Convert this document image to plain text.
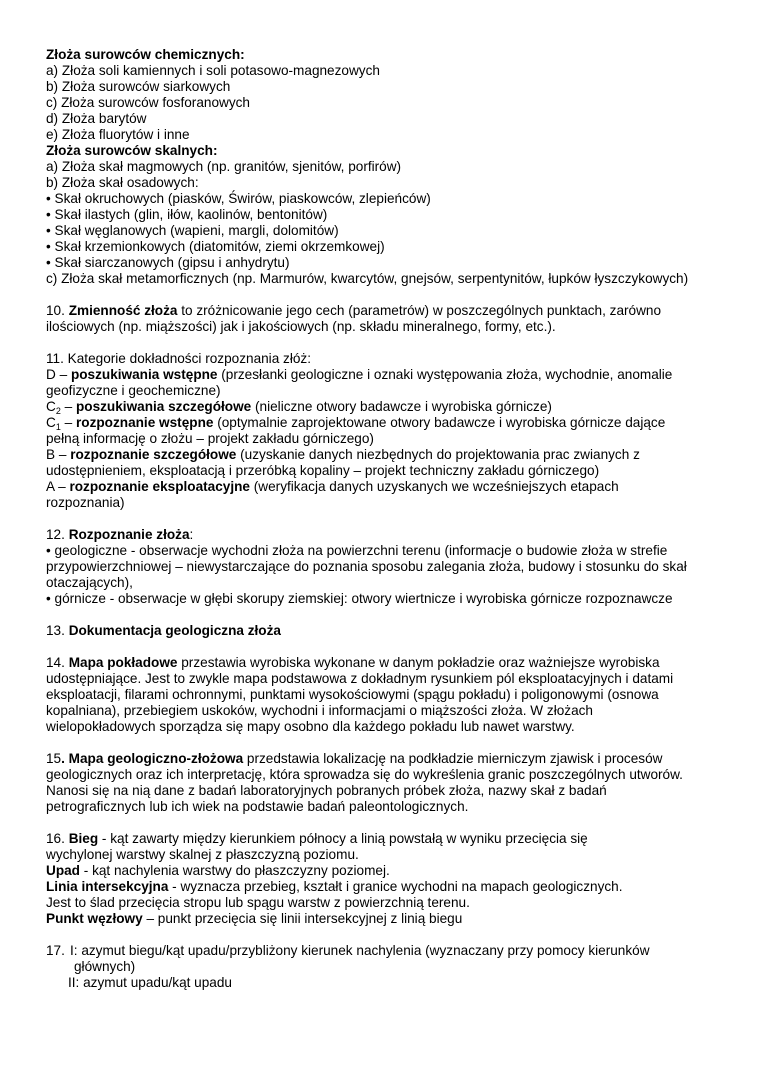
Złoża surowców chemicznych:
a) Złoża soli kamiennych i soli potasowo-magnezowych
b) Złoża surowców siarkowych
c) Złoża surowców fosforanowych
d) Złoża barytów
e) Złoża fluorytów i inne
Złoża surowców skalnych:
a) Złoża skał magmowych (np. granitów, sjenitów, porfirów)
b) Złoża skał osadowych:
• Skał okruchowych (piasków, Świrów, piaskowców, zlepieńców)
• Skał ilastych (glin, iłów, kaolinów, bentonitów)
• Skał węglanowych (wapieni, margli, dolomitów)
• Skał krzemionkowych (diatomitów, ziemi okrzemkowej)
• Skał siarczanowych (gipsu i anhydrytu)
c) Złoża skał metamorficznych (np. Marmurów, kwarcytów, gnejsów, serpentynitów, łupków łyszczykowych)
10. Zmienność złoża to zróżnicowanie jego cech (parametrów) w poszczególnych punktach, zarówno
ilościowych (np. miąższości) jak i jakościowych (np. składu mineralnego, formy, etc.).
11. Kategorie dokładności rozpoznania złóż:
D – poszukiwania wstępne (przesłanki geologiczne i oznaki występowania złoża, wychodnie, anomalie
geofizyczne i geochemiczne)
$C_2$ – poszukiwania szczegółowe (nieliczne otwory badawcze i wyrobiska górnicze)
$C_1$ – rozpoznanie wstępne (optymalnie zaprojektowane otwory badawcze i wyrobiska górnicze dające
pełną informację o złożu – projekt zakładu górniczego)
B – rozpoznanie szczegółowe (uzyskanie danych niezbędnych do projektowania prac zwianych z
udostępnieniem, eksploatacją i przeróbką kopaliny – projekt techniczny zakładu górniczego)
A – rozpoznanie eksploatacyjne (weryfikacja danych uzyskanych we wcześniejszych etapach
rozpoznania)
12. Rozpoznanie złoża:
• geologiczne - obserwacje wychodni złoża na powierzchni terenu (informacje o budowie złoża w strefie
przypowierzchniowej – niewystarczające do poznania sposobu zalegania złoża, budowy i stosunku do skał
otaczających),
• górnicze - obserwacje w głębi skorupy ziemskiej: otwory wiertnicze i wyrobiska górnicze rozpoznawcze
13. Dokumentacja geologiczna złoża
14. Mapa pokładowe przestawia wyrobiska wykonane w danym pokładzie oraz ważniejsze wyrobiska
udostępniające. Jest to zwykle mapa podstawowa z dokładnym rysunkiem pól eksploatacyjnych i datami
eksploatacji, filarami ochronnymi, punktami wysokościowymi (spągu pokładu) i poligonowymi (osnowa
kopalniana), przebiegiem uskoków, wychodni i informacjami o miąższości złoża. W złożach
wielopokładowych sporządza się mapy osobno dla każdego pokładu lub nawet warstwy.
15. Mapa geologiczno-złożowa przedstawia lokalizację na podkładzie mierniczym zjawisk i procesów
geologicznych oraz ich interpretację, która sprowadza się do wykreślenia granic poszczególnych utworów.
Nanosi się na nią dane z badań laboratoryjnych pobranych próbek złoża, nazwy skał z badań
petrograficznych lub ich wiek na podstawie badań paleontologicznych.
16. Bieg - kąt zawarty między kierunkiem północy a linią powstałą w wyniku przecięcia się
wychylonej warstwy skalnej z płaszczyzną poziomu.
Upad - kąt nachylenia warstwy do płaszczyzny poziomej.
Linia intersekcyjna - wyznacza przebieg, kształt i granice wychodni na mapach geologicznych.
Jest to ślad przecięcia stropu lub spągu warstw z powierzchnią terenu.
Punkt węzłowy – punkt przecięcia się linii intersekcyjnej z linią biegu
17. I: azymut biegu/kąt upadu/przybliżony kierunek nachylenia (wyznaczany przy pomocy kierunków
głównych)
II: azymut upadu/kąt upadu
